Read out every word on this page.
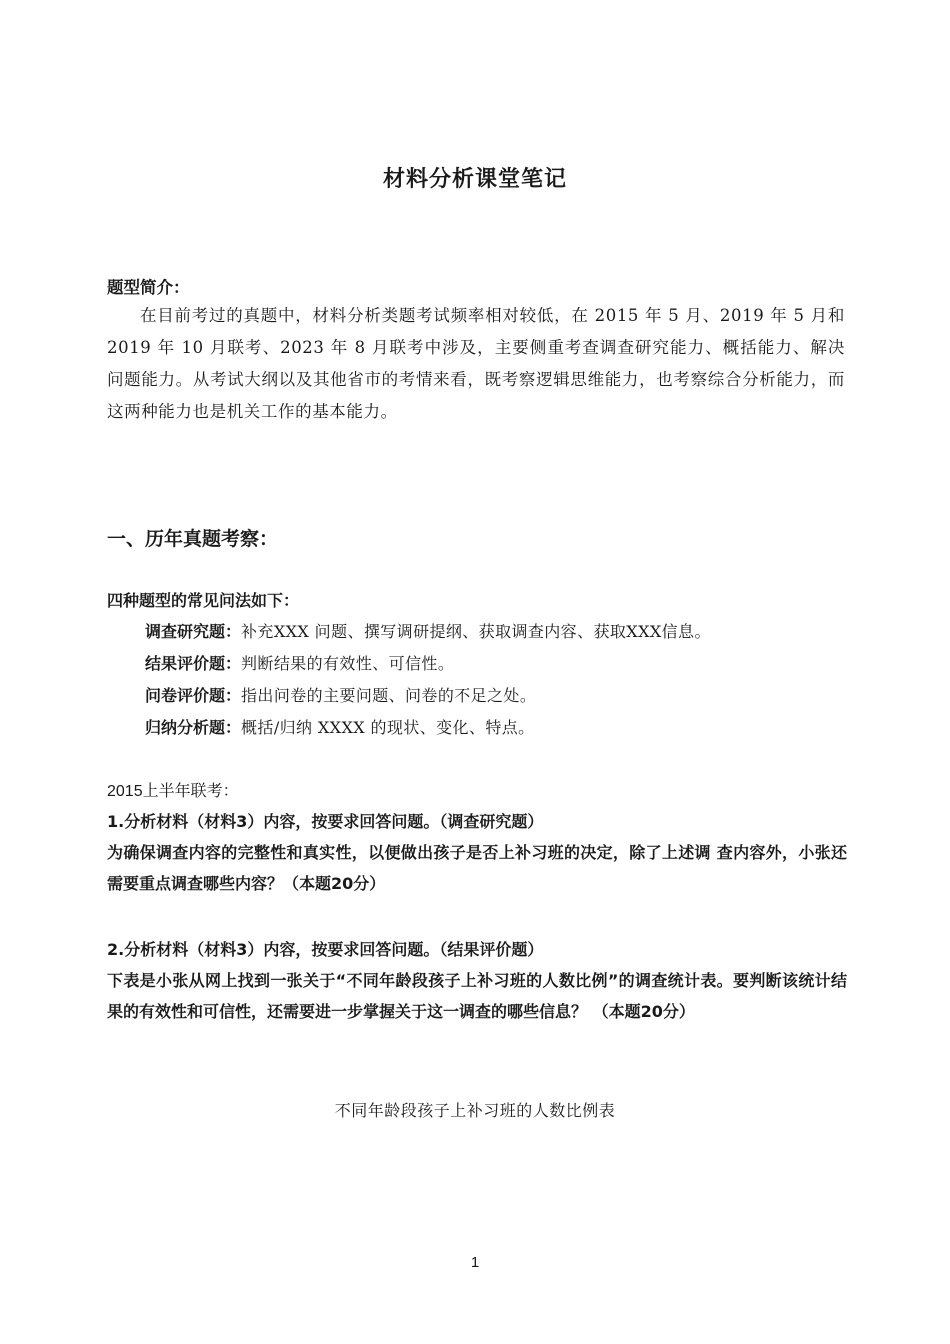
材料分析课堂笔记
题型简介：
在目前考过的真题中，材料分析类题考试频率相对较低，在 2015 年 5 月、2019 年 5 月和 2019 年 10 月联考、2023 年 8 月联考中涉及，主要侧重考查调查研究能力、概括能力、解决问题能力。从考试大纲以及其他省市的考情来看，既考察逻辑思维能力，也考察综合分析能力，而这两种能力也是机关工作的基本能力。
一、历年真题考察：
四种题型的常见问法如下：
调查研究题：补充XXX 问题、撰写调研提纲、获取调查内容、获取XXX信息。
结果评价题：判断结果的有效性、可信性。
问卷评价题：指出问卷的主要问题、问卷的不足之处。
归纳分析题：概括/归纳 XXXX 的现状、变化、特点。
2015上半年联考：
1.分析材料（材料3）内容，按要求回答问题。（调查研究题）
为确保调查内容的完整性和真实性，以便做出孩子是否上补习班的决定，除了上述调 查内容外，小张还需要重点调查哪些内容？（本题20分）
2.分析材料（材料3）内容，按要求回答问题。（结果评价题）
下表是小张从网上找到一张关于“不同年龄段孩子上补习班的人数比例”的调查统计表。要判断该统计结果的有效性和可信性，还需要进一步掌握关于这一调查的哪些信息？ （本题20分）
不同年龄段孩子上补习班的人数比例表
1
